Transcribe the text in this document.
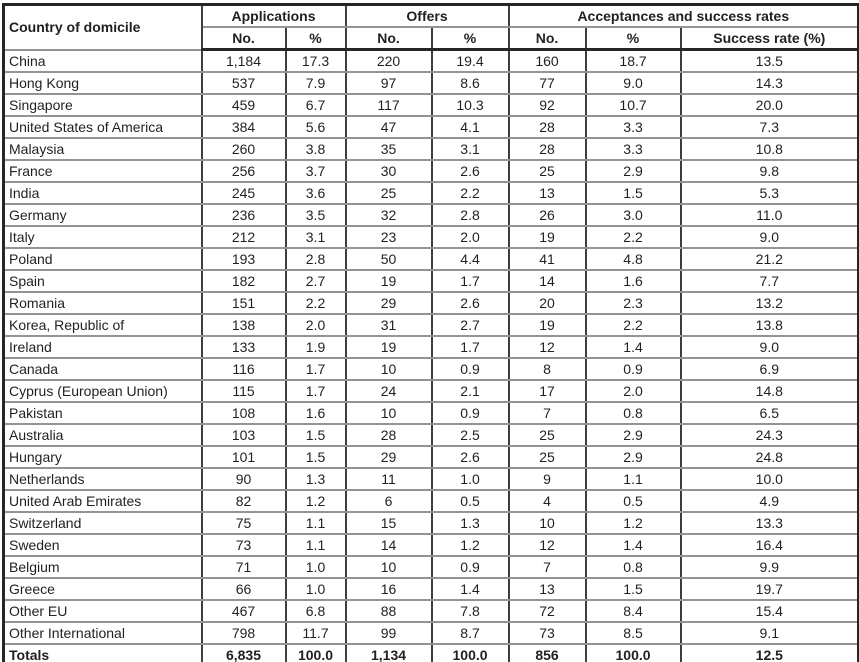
Country of domicile	Applications		Offers		Acceptances and success rates		
	No.	%	No.	%	No.	%	Success rate (%)
China	1,184	17.3	220	19.4	160	18.7	13.5
Hong Kong	537	7.9	97	8.6	77	9.0	14.3
Singapore	459	6.7	117	10.3	92	10.7	20.0
United States of America	384	5.6	47	4.1	28	3.3	7.3
Malaysia	260	3.8	35	3.1	28	3.3	10.8
France	256	3.7	30	2.6	25	2.9	9.8
India	245	3.6	25	2.2	13	1.5	5.3
Germany	236	3.5	32	2.8	26	3.0	11.0
Italy	212	3.1	23	2.0	19	2.2	9.0
Poland	193	2.8	50	4.4	41	4.8	21.2
Spain	182	2.7	19	1.7	14	1.6	7.7
Romania	151	2.2	29	2.6	20	2.3	13.2
Korea, Republic of	138	2.0	31	2.7	19	2.2	13.8
Ireland	133	1.9	19	1.7	12	1.4	9.0
Canada	116	1.7	10	0.9	8	0.9	6.9
Cyprus (European Union)	115	1.7	24	2.1	17	2.0	14.8
Pakistan	108	1.6	10	0.9	7	0.8	6.5
Australia	103	1.5	28	2.5	25	2.9	24.3
Hungary	101	1.5	29	2.6	25	2.9	24.8
Netherlands	90	1.3	11	1.0	9	1.1	10.0
United Arab Emirates	82	1.2	6	0.5	4	0.5	4.9
Switzerland	75	1.1	15	1.3	10	1.2	13.3
Sweden	73	1.1	14	1.2	12	1.4	16.4
Belgium	71	1.0	10	0.9	7	0.8	9.9
Greece	66	1.0	16	1.4	13	1.5	19.7
Other EU	467	6.8	88	7.8	72	8.4	15.4
Other International	798	11.7	99	8.7	73	8.5	9.1
Totals	6,835	100.0	1,134	100.0	856	100.0	12.5
